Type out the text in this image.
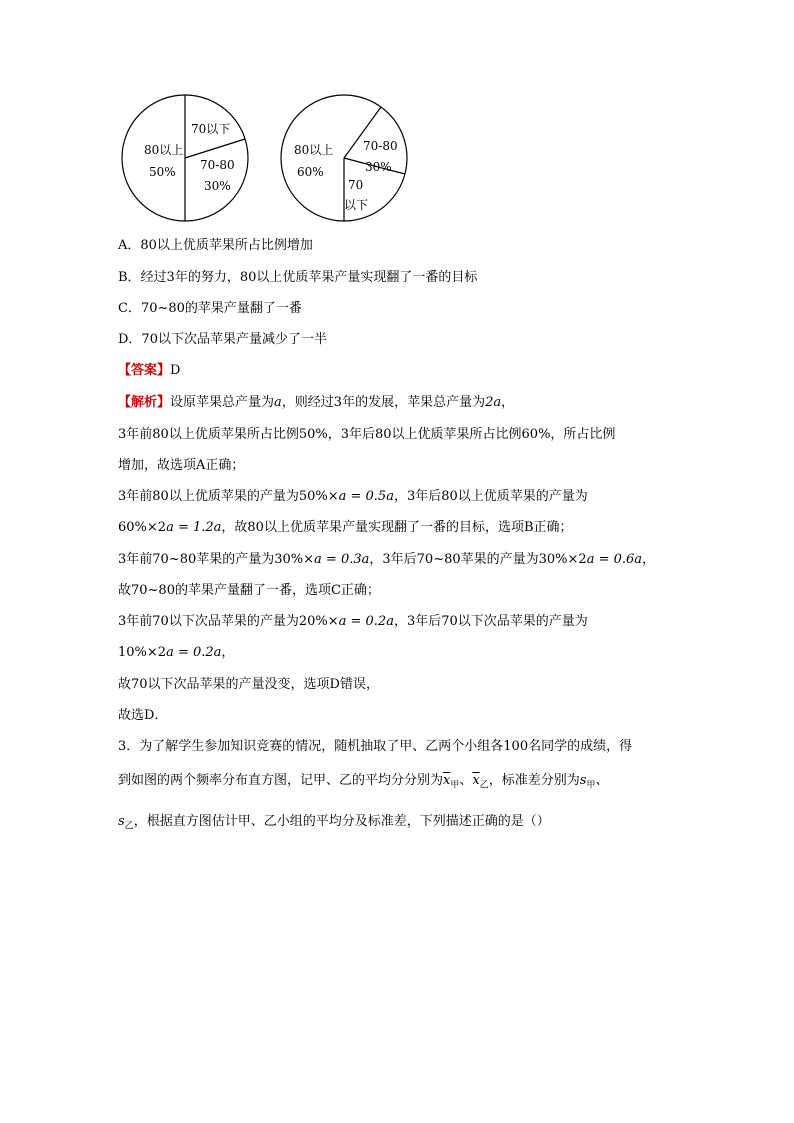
80以上
50%
70以下
70-80
30%
80以上
60%
70-80
30%
70
以下
A．80以上优质苹果所占比例增加
B．经过3年的努力，80以上优质苹果产量实现翻了一番的目标
C．70~80的苹果产量翻了一番
D．70以下次品苹果产量减少了一半
【答案】D
【解析】设原苹果总产量为a，则经过3年的发展，苹果总产量为2a，
3年前80以上优质苹果所占比例50%，3年后80以上优质苹果所占比例60%，所占比例
增加，故选项A正确；
3年前80以上优质苹果的产量为50%×a = 0.5a，3年后80以上优质苹果的产量为
60%×2a = 1.2a，故80以上优质苹果产量实现翻了一番的目标，选项B正确；
3年前70~80苹果的产量为30%×a = 0.3a，3年后70~80苹果的产量为30%×2a = 0.6a，
故70~80的苹果产量翻了一番，选项C正确；
3年前70以下次品苹果的产量为20%×a = 0.2a，3年后70以下次品苹果的产量为
10%×2a = 0.2a，
故70以下次品苹果的产量没变，选项D错误，
故选D．
3．为了解学生参加知识竞赛的情况，随机抽取了甲、乙两个小组各100名同学的成绩，得
到如图的两个频率分布直方图，记甲、乙的平均分分别为$\overline{x}_甲$、$\overline{x}_乙$，标准差分别为$s_甲$、
$s_乙$，根据直方图估计甲、乙小组的平均分及标准差，下列描述正确的是（）
